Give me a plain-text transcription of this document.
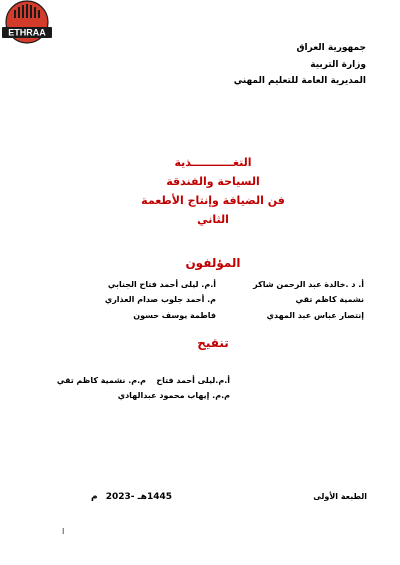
ETHRAA
جمهورية العراق
وزارة التربية
المديرية العامة للتعليم المهني
التغـــــــــــذية
السياحة والفندقة
فن الضيافة وإنتاج الأطعمة
الثاني
المؤلفون
أ. د .خالدة عبد الرحمن شاكر
أ.م. ليلى أحمد فتاح الجنابي
نشمية كاظم تقي
م. أحمد جلوب صدام العذاري
إنتصار عباس عبد المهدي
فاطمة يوسف حسون
تنقيح
م.م. نشمية كاظم تقي أ.م.ليلى أحمد فتاح
م.م. إيهاب محمود عبدالهادي
الطبعة الأولى
1445هـ -2023
م
I
